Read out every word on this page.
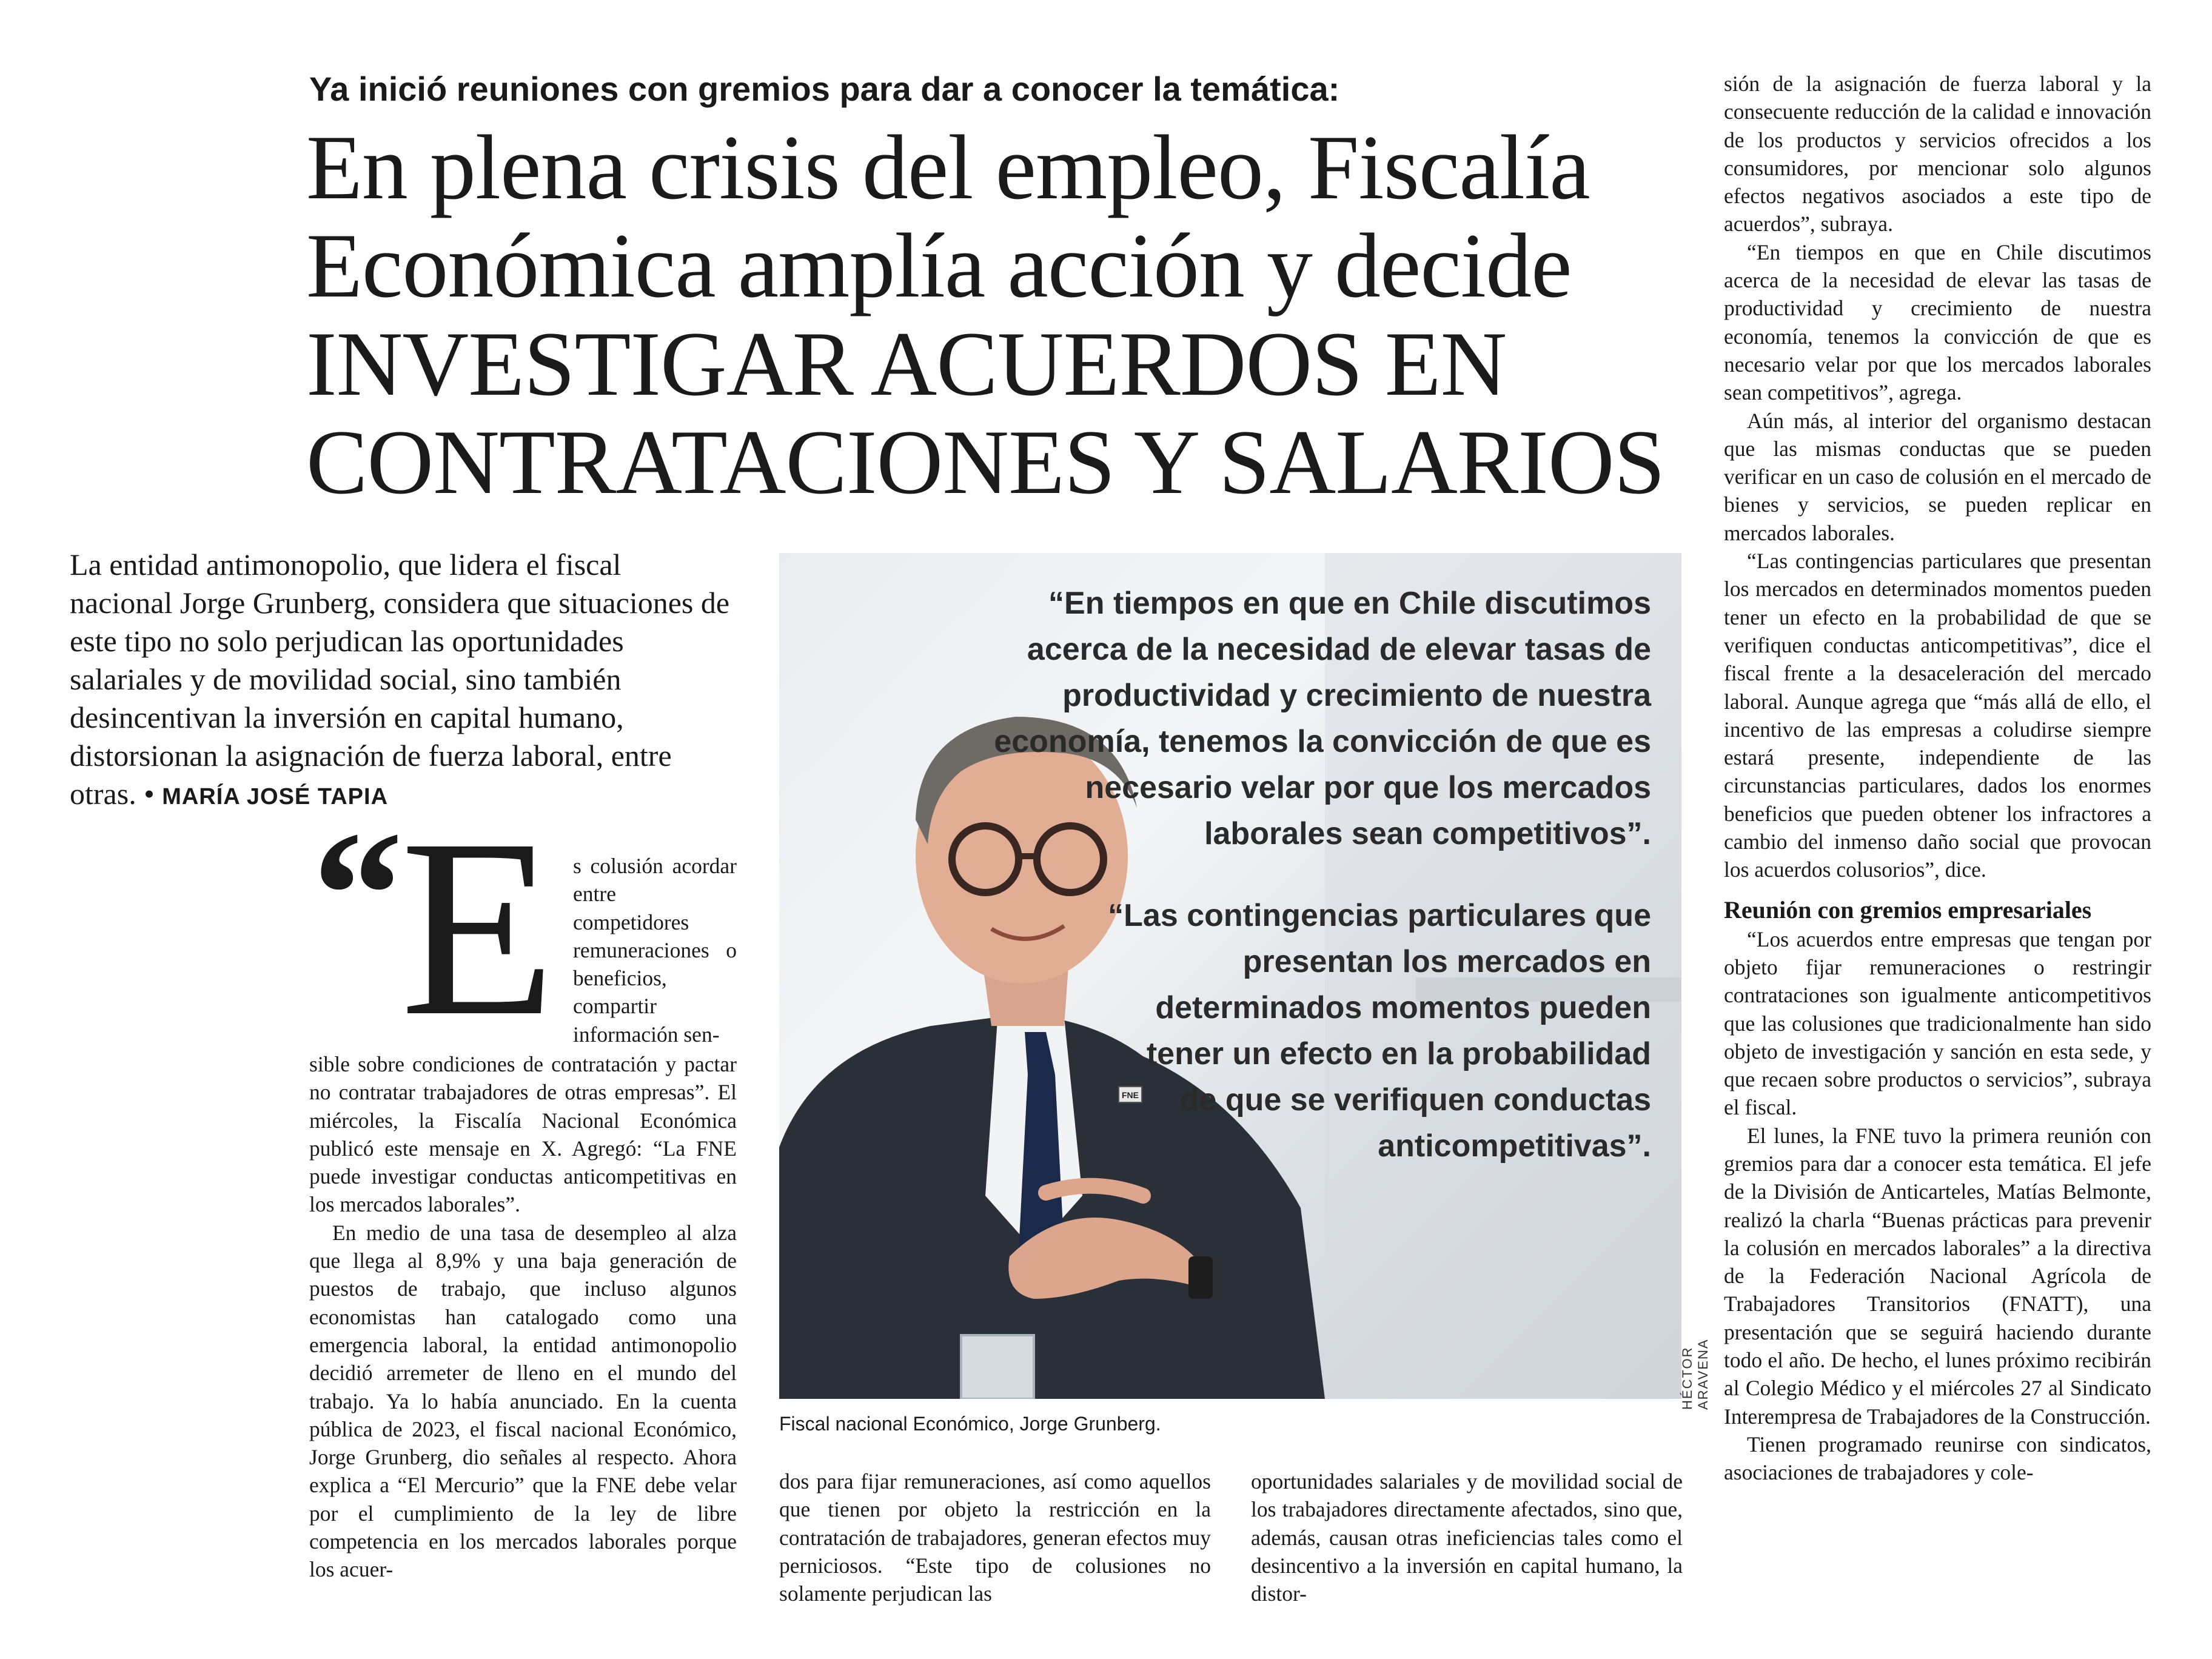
Ya inició reuniones con gremios para dar a conocer la temática:
En plena crisis del empleo, Fiscalía
Económica amplía acción y decide
INVESTIGAR ACUERDOS EN
CONTRATACIONES Y SALARIOS
La entidad antimonopolio, que lidera el fiscal nacional Jorge Grunberg, considera que situaciones de este tipo no solo perjudican las oportunidades salariales y de movilidad social, sino también desincentivan la inversión en capital humano, distorsionan la asignación de fuerza laboral, entre otras. • MARÍA JOSÉ TAPIA
“
E s colusión acordar entre competidores remuneraciones o beneficios, compartir información sen-

sible sobre condiciones de contratación y pactar no contratar trabajadores de otras empresas”. El miércoles, la Fiscalía Nacional Económica publicó este mensaje en X. Agregó: “La FNE puede investigar conductas anticompetitivas en los mercados laborales”.

En medio de una tasa de desempleo al alza que llega al 8,9% y una baja generación de puestos de trabajo, que incluso algunos economistas han catalogado como una emergencia laboral, la entidad antimonopolio decidió arremeter de lleno en el mundo del trabajo. Ya lo había anunciado. En la cuenta pública de 2023, el fiscal nacional Económico, Jorge Grunberg, dio señales al respecto. Ahora explica a “El Mercurio” que la FNE debe velar por el cumplimiento de la ley de libre competencia en los mercados laborales porque los acuer-

FNE
“En tiempos en que en Chile discutimos acerca de la necesidad de elevar tasas de productividad y crecimiento de nuestra economía, tenemos la convicción de que es necesario velar por que los mercados laborales sean competitivos”.
“Las contingencias particulares que presentan los mercados en determinados momentos pueden tener un efecto en la probabilidad de que se verifiquen conductas anticompetitivas”.
HÉCTOR ARAVENA
Fiscal nacional Económico, Jorge Grunberg.

dos para fijar remuneraciones, así como aquellos que tienen por objeto la restricción en la contratación de trabajadores, generan efectos muy perniciosos. “Este tipo de colusiones no solamente perjudican las

oportunidades salariales y de movilidad social de los trabajadores directamente afectados, sino que, además, causan otras ineficiencias tales como el desincentivo a la inversión en capital humano, la distor-

sión de la asignación de fuerza laboral y la consecuente reducción de la calidad e innovación de los productos y servicios ofrecidos a los consumidores, por mencionar solo algunos efectos negativos asociados a este tipo de acuerdos”, subraya.

“En tiempos en que en Chile discutimos acerca de la necesidad de elevar las tasas de productividad y crecimiento de nuestra economía, tenemos la convicción de que es necesario velar por que los mercados laborales sean competitivos”, agrega.

Aún más, al interior del organismo destacan que las mismas conductas que se pueden verificar en un caso de colusión en el mercado de bienes y servicios, se pueden replicar en mercados laborales.

“Las contingencias particulares que presentan los mercados en determinados momentos pueden tener un efecto en la probabilidad de que se verifiquen conductas anticompetitivas”, dice el fiscal frente a la desaceleración del mercado laboral. Aunque agrega que “más allá de ello, el incentivo de las empresas a coludirse siempre estará presente, independiente de las circunstancias particulares, dados los enormes beneficios que pueden obtener los infractores a cambio del inmenso daño social que provocan los acuerdos colusorios”, dice.

Reunión con gremios empresariales

“Los acuerdos entre empresas que tengan por objeto fijar remuneraciones o restringir contrataciones son igualmente anticompetitivos que las colusiones que tradicionalmente han sido objeto de investigación y sanción en esta sede, y que recaen sobre productos o servicios”, subraya el fiscal.

El lunes, la FNE tuvo la primera reunión con gremios para dar a conocer esta temática. El jefe de la División de Anticarteles, Matías Belmonte, realizó la charla “Buenas prácticas para prevenir la colusión en mercados laborales” a la directiva de la Federación Nacional Agrícola de Trabajadores Transitorios (FNATT), una presentación que se seguirá haciendo durante todo el año. De hecho, el lunes próximo recibirán al Colegio Médico y el miércoles 27 al Sindicato Interempresa de Trabajadores de la Construcción.

Tienen programado reunirse con sindicatos, asociaciones de trabajadores y cole-
